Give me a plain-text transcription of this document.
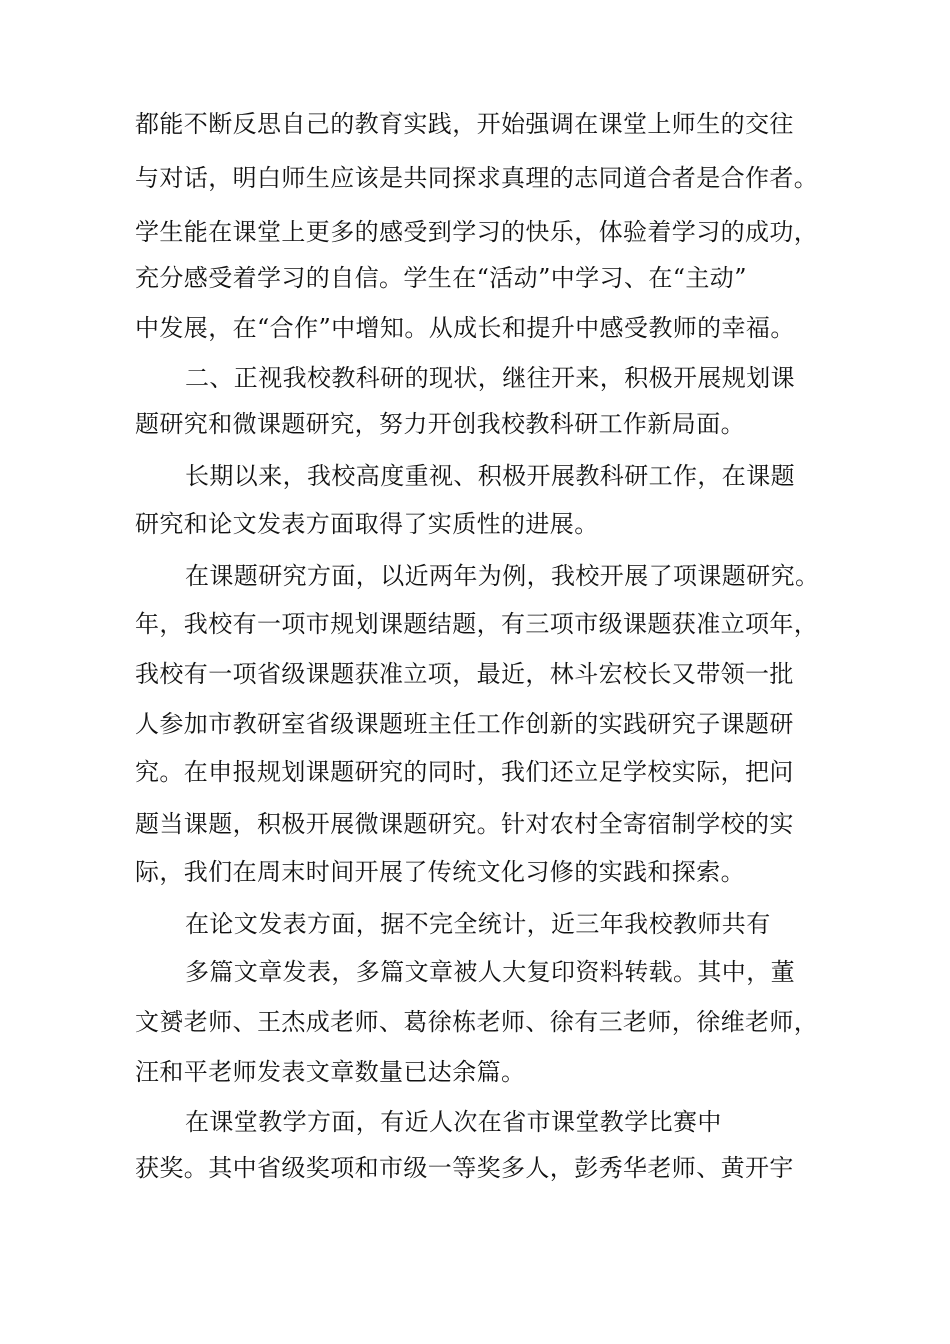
都能不断反思自己的教育实践，开始强调在课堂上师生的交往
与对话，明白师生应该是共同探求真理的志同道合者是合作者。
学生能在课堂上更多的感受到学习的快乐，体验着学习的成功，
充分感受着学习的自信。学生在“活动”中学习、在“主动”
中发展，在“合作”中增知。从成长和提升中感受教师的幸福。
二、正视我校教科研的现状，继往开来，积极开展规划课
题研究和微课题研究，努力开创我校教科研工作新局面。
长期以来，我校高度重视、积极开展教科研工作，在课题
研究和论文发表方面取得了实质性的进展。
在课题研究方面，以近两年为例，我校开展了项课题研究。
年，我校有一项市规划课题结题，有三项市级课题获准立项年，
我校有一项省级课题获准立项，最近，林斗宏校长又带领一批
人参加市教研室省级课题班主任工作创新的实践研究子课题研
究。在申报规划课题研究的同时，我们还立足学校实际，把问
题当课题，积极开展微课题研究。针对农村全寄宿制学校的实
际，我们在周末时间开展了传统文化习修的实践和探索。
在论文发表方面，据不完全统计，近三年我校教师共有
多篇文章发表，多篇文章被人大复印资料转载。其中，董
文赟老师、王杰成老师、葛徐栋老师、徐有三老师，徐维老师，
汪和平老师发表文章数量已达余篇。
在课堂教学方面，有近人次在省市课堂教学比赛中
获奖。其中省级奖项和市级一等奖多人，彭秀华老师、黄开宇
